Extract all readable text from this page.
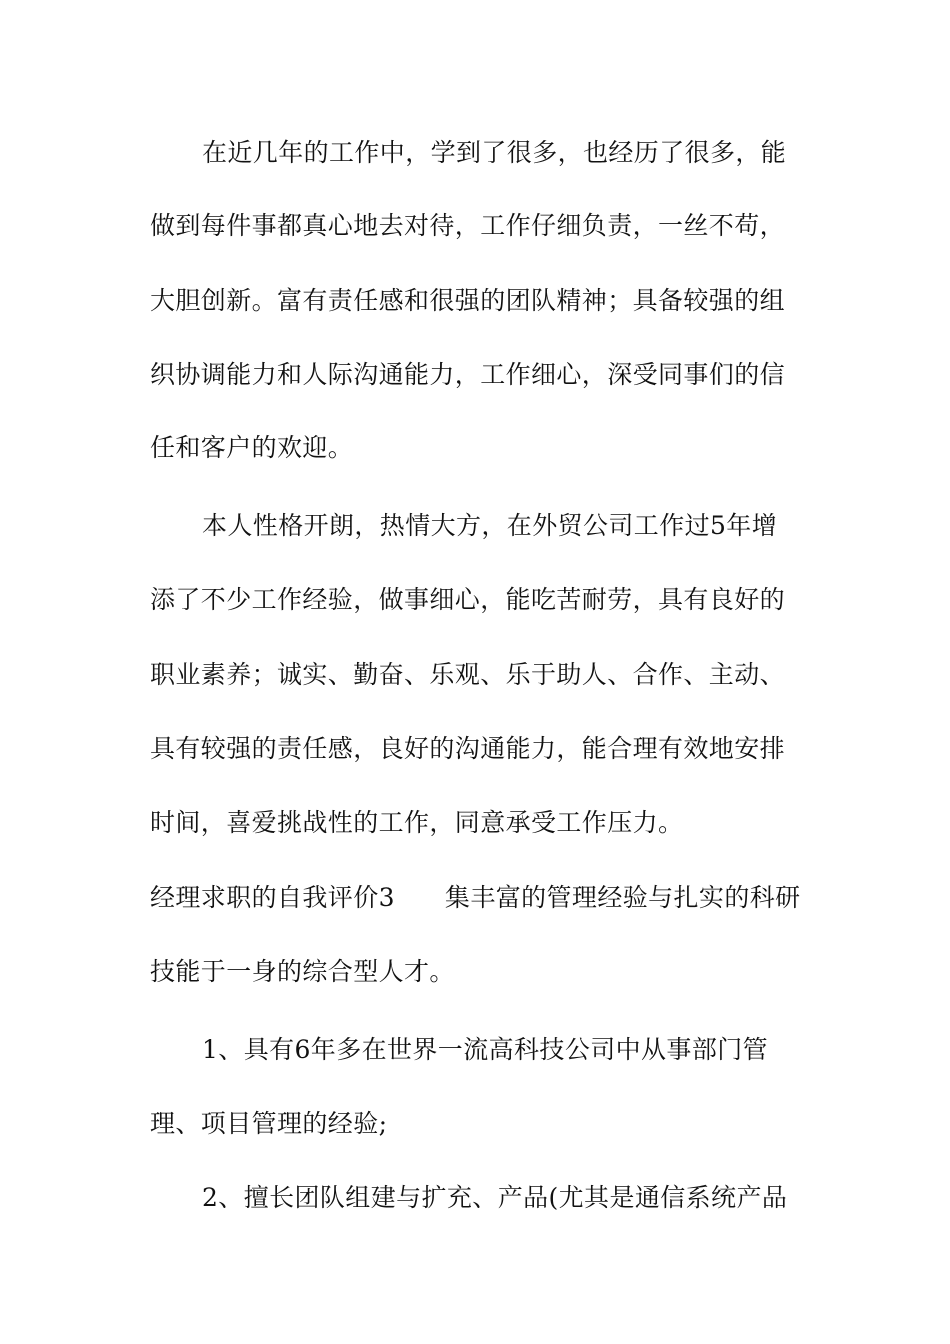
在近几年的工作中，学到了很多，也经历了很多，能
做到每件事都真心地去对待，工作仔细负责，一丝不苟，
大胆创新。富有责任感和很强的团队精神；具备较强的组
织协调能力和人际沟通能力，工作细心，深受同事们的信
任和客户的欢迎。
本人性格开朗，热情大方，在外贸公司工作过5年增
添了不少工作经验，做事细心，能吃苦耐劳，具有良好的
职业素养；诚实、勤奋、乐观、乐于助人、合作、主动、
具有较强的责任感，良好的沟通能力，能合理有效地安排
时间，喜爱挑战性的工作，同意承受工作压力。
经理求职的自我评价3 集丰富的管理经验与扎实的科研
技能于一身的综合型人才。
1、具有6年多在世界一流高科技公司中从事部门管
理、项目管理的经验;
2、擅长团队组建与扩充、产品(尤其是通信系统产品
